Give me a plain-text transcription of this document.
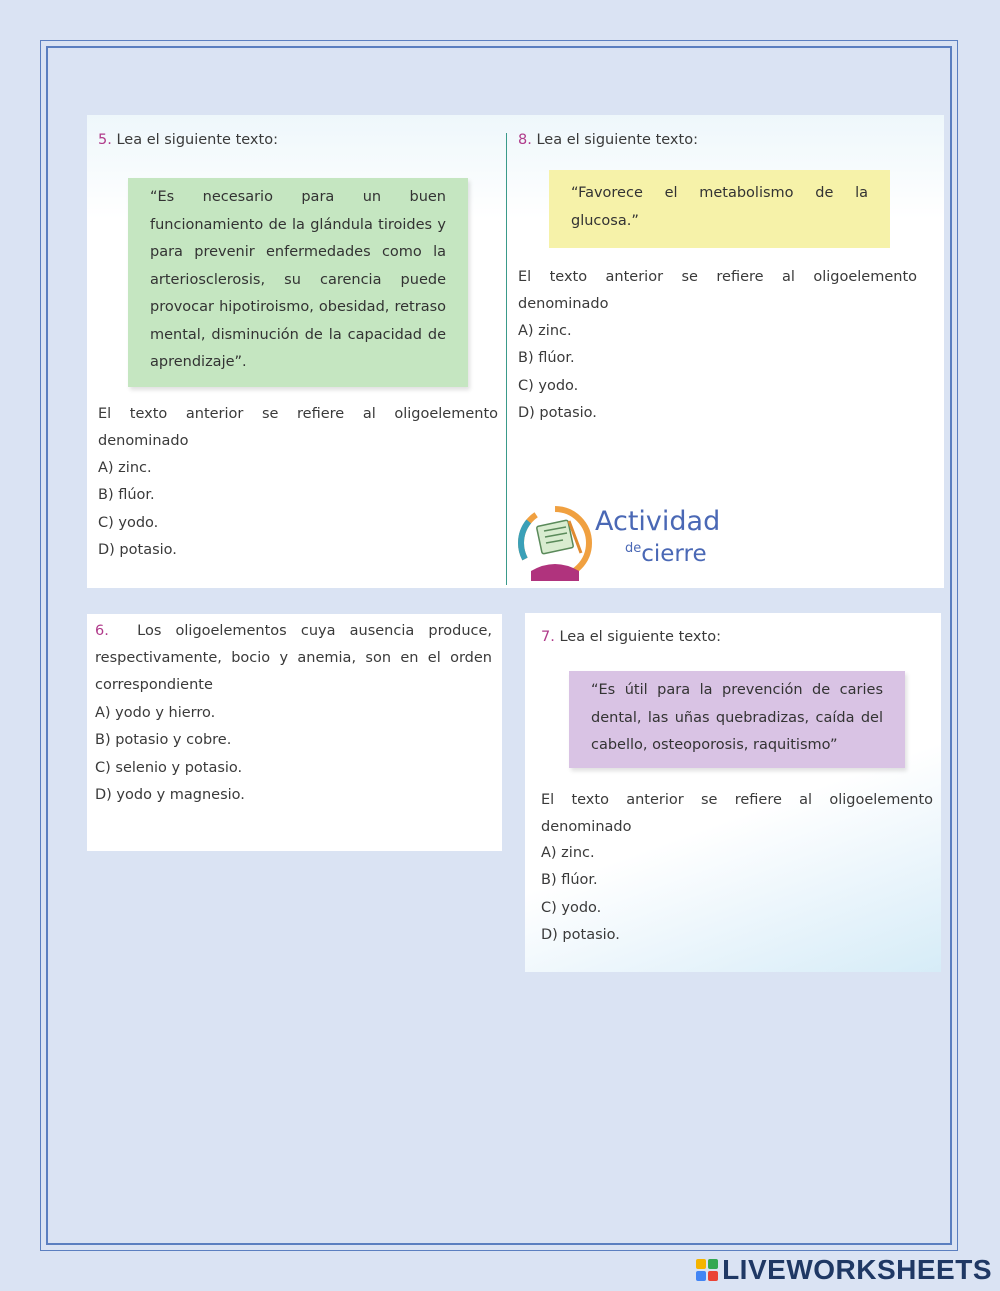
5. Lea el siguiente texto:
“Es necesario para un buen funcionamiento de la glándula tiroides y para prevenir enfermedades como la arteriosclerosis, su carencia puede provocar hipotiroismo, obesidad, retraso mental, disminución de la capacidad de aprendizaje”.
El texto anterior se refiere al oligoelemento denominado
A) zinc.
B) flúor.
C) yodo.
D) potasio.
8. Lea el siguiente texto:
“Favorece el metabolismo de la glucosa.”
El texto anterior se refiere al oligoelemento denominado
A) zinc.
B) flúor.
C) yodo.
D) potasio.
Actividad
$^{de}$cierre
6. Los oligoelementos cuya ausencia produce, respectivamente, bocio y anemia, son en el orden correspondiente
A) yodo y hierro.
B) potasio y cobre.
C) selenio y potasio.
D) yodo y magnesio.
7. Lea el siguiente texto:
“Es útil para la prevención de caries dental, las uñas quebradizas, caída del cabello, osteoporosis, raquitismo”
El texto anterior se refiere al oligoelemento denominado
A) zinc.
B) flúor.
C) yodo.
D) potasio.
LIVEWORKSHEETS
